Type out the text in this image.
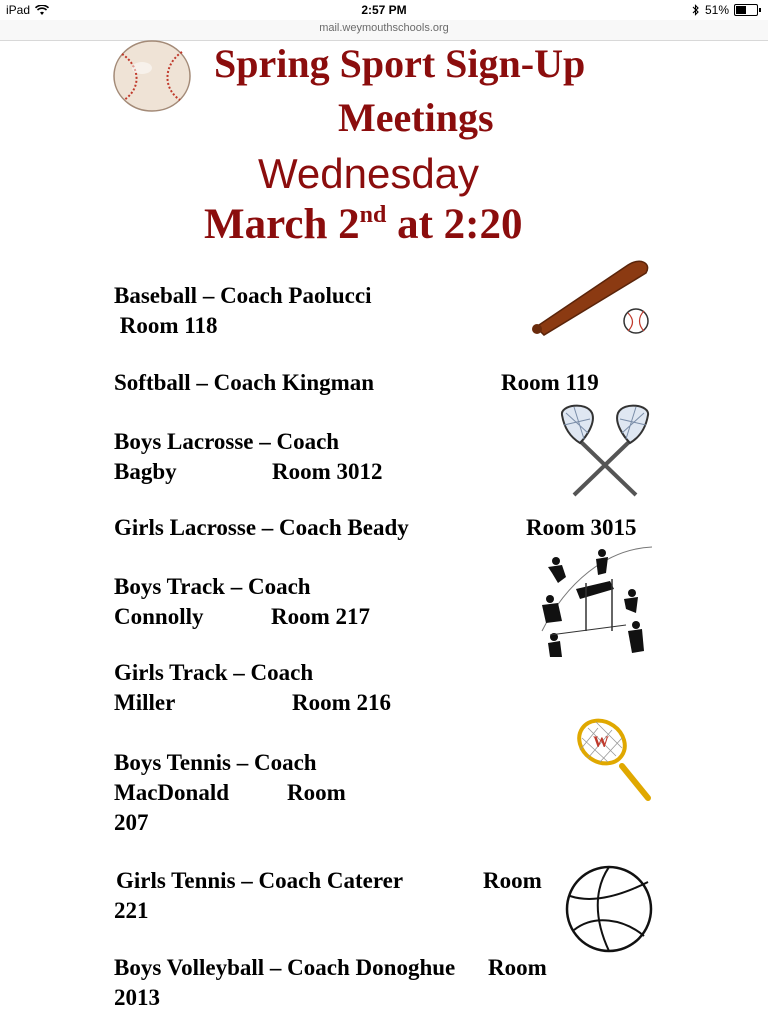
iPad	2:57 PM	51%
mail.weymouthschools.org
Spring Sport Sign-Up
Meetings
Wednesday
March 2nd at 2:20
Baseball – Coach Paolucci
Room 118
Softball – Coach Kingman	Room 119
Boys Lacrosse – Coach
Bagby	Room 3012
Girls Lacrosse – Coach Beady	Room 3015
Boys Track – Coach
Connolly	Room 217
Girls Track – Coach
Miller	Room 216
Boys Tennis – Coach
MacDonald	Room
207
Girls Tennis – Coach Caterer	Room
221
Boys Volleyball – Coach Donoghue Room
2013
W
